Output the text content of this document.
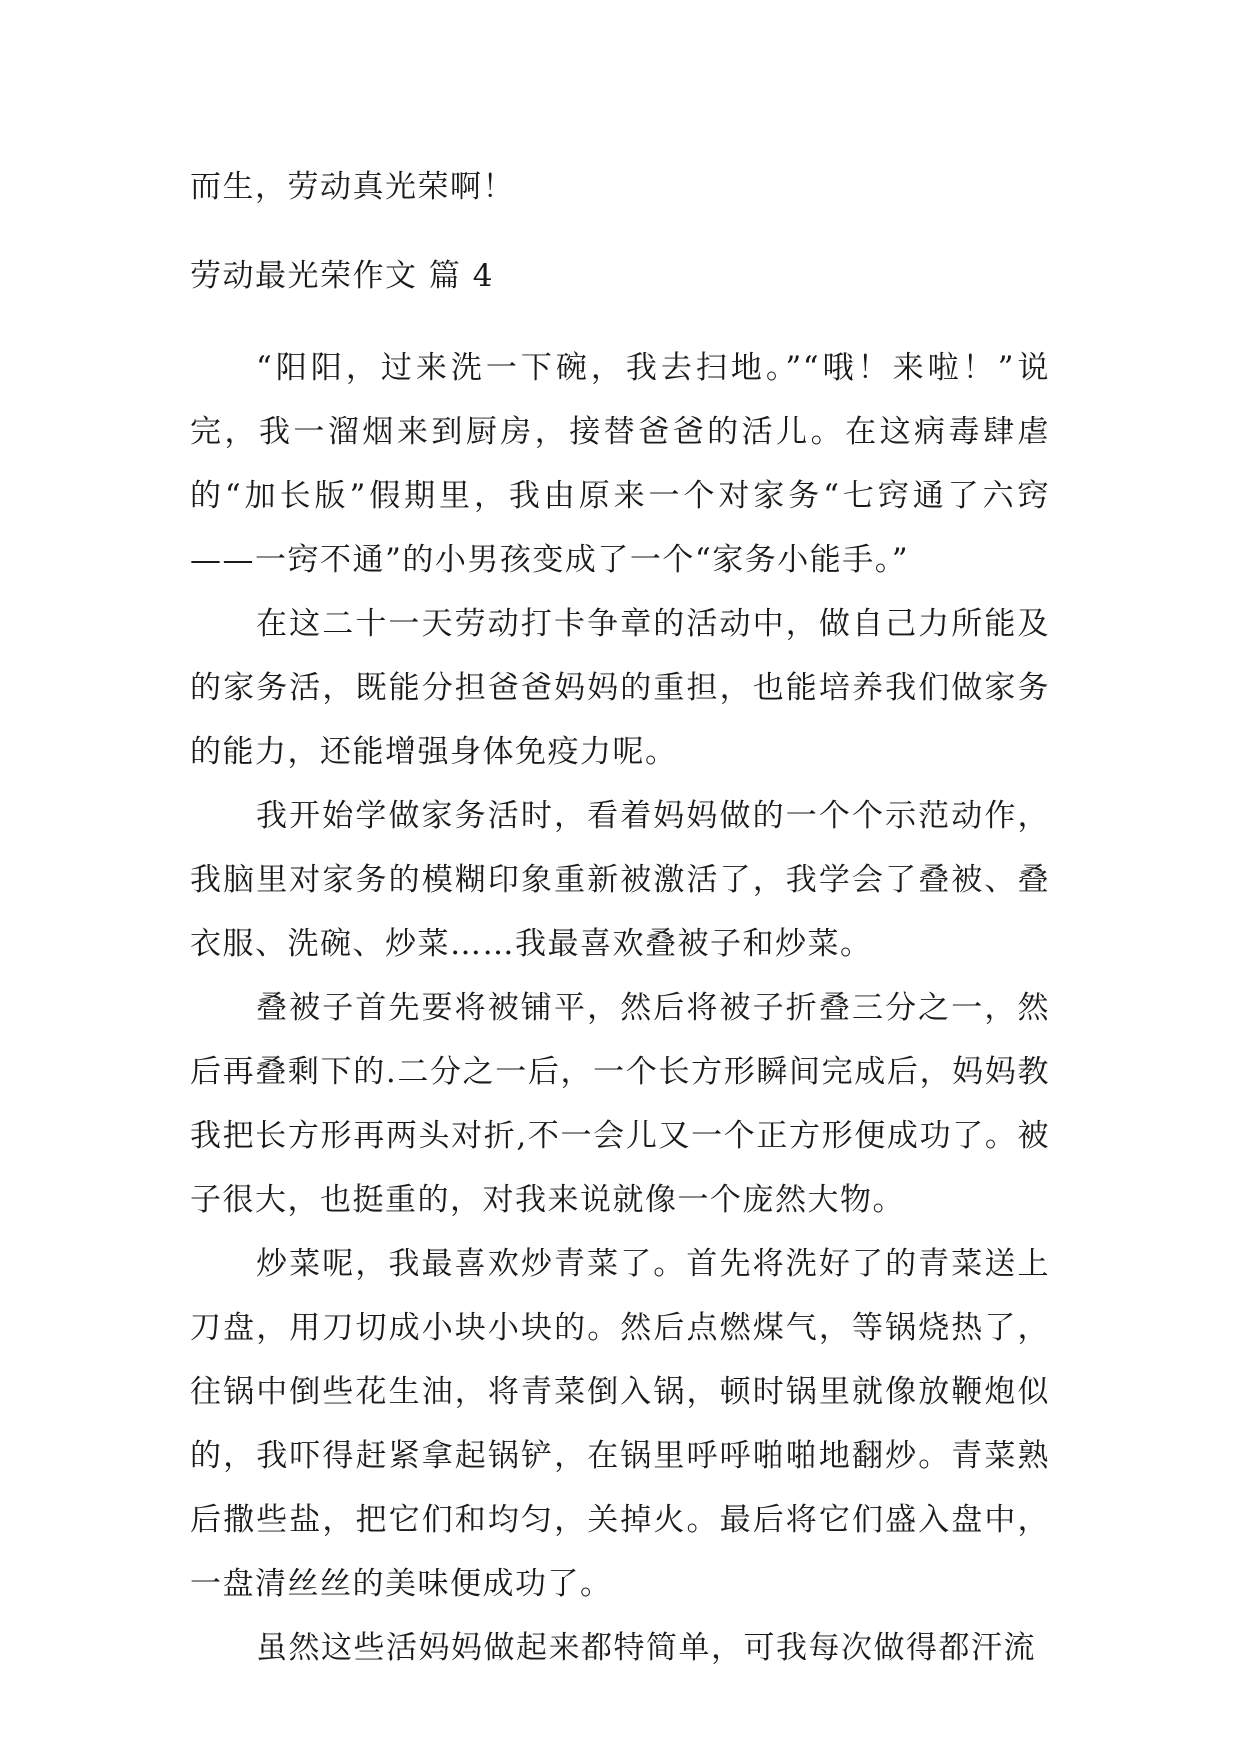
而生，劳动真光荣啊！
劳动最光荣作文 篇 4

“阳阳，过来洗一下碗，我去扫地。”“哦！来啦！”说完，我一溜烟来到厨房，接替爸爸的活儿。在这病毒肆虐的“加长版”假期里，我由原来一个对家务“七窍通了六窍——一窍不通”的小男孩变成了一个“家务小能手。”

在这二十一天劳动打卡争章的活动中，做自己力所能及的家务活，既能分担爸爸妈妈的重担，也能培养我们做家务的能力，还能增强身体免疫力呢。

我开始学做家务活时，看着妈妈做的一个个示范动作，我脑里对家务的模糊印象重新被激活了，我学会了叠被、叠衣服、洗碗、炒菜……我最喜欢叠被子和炒菜。

叠被子首先要将被铺平，然后将被子折叠三分之一，然后再叠剩下的.二分之一后，一个长方形瞬间完成后，妈妈教我把长方形再两头对折,不一会儿又一个正方形便成功了。被子很大，也挺重的，对我来说就像一个庞然大物。

炒菜呢，我最喜欢炒青菜了。首先将洗好了的青菜送上刀盘，用刀切成小块小块的。然后点燃煤气，等锅烧热了，往锅中倒些花生油，将青菜倒入锅，顿时锅里就像放鞭炮似的，我吓得赶紧拿起锅铲，在锅里呼呼啪啪地翻炒。青菜熟后撒些盐，把它们和均匀，关掉火。最后将它们盛入盘中，一盘清丝丝的美味便成功了。

虽然这些活妈妈做起来都特简单，可我每次做得都汗流
